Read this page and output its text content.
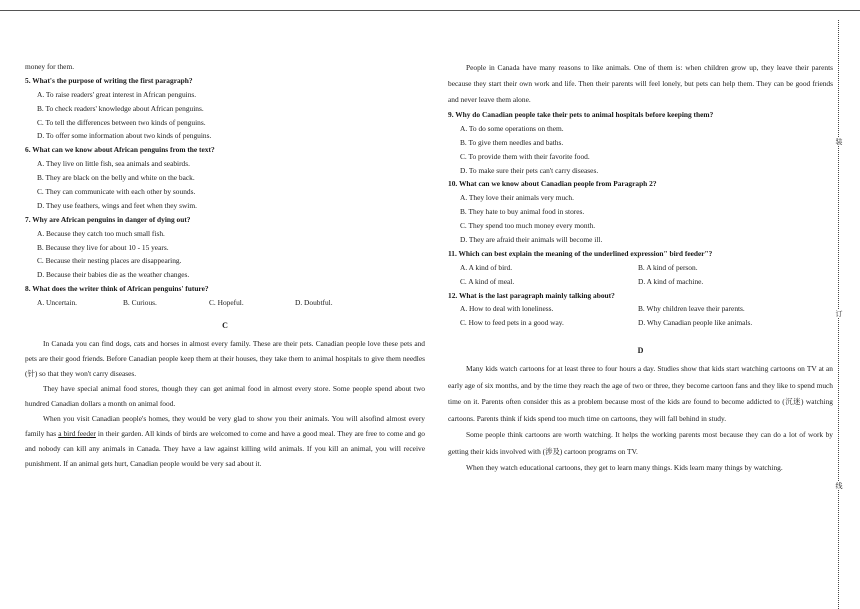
money for them.
5. What's the purpose of writing the first paragraph?
A. To raise readers' great interest in African penguins.
B. To check readers' knowledge about African penguins.
C. To tell the differences between two kinds of penguins.
D. To offer some information about two kinds of penguins.
6. What can we know about African penguins from the text?
A. They live on little fish, sea animals and seabirds.
B. They are black on the belly and white on the back.
C. They can communicate with each other by sounds.
D. They use feathers, wings and feet when they swim.
7. Why are African penguins in danger of dying out?
A. Because they catch too much small fish.
B. Because they live for about 10 - 15 years.
C. Because their nesting places are disappearing.
D. Because their babies die as the weather changes.
8. What does the writer think of African penguins' future?
A. Uncertain.	B. Curious.	C. Hopeful.	D. Doubtful.
C
In Canada you can find dogs, cats and horses in almost every family. These are their pets. Canadian people love these pets and pets are their good friends. Before Canadian people keep them at their houses, they take them to animal hospitals to give them needles (针) so that they won't carry diseases.
They have special animal food stores, though they can get animal food in almost every store. Some people spend about two hundred Canadian dollars a month on animal food.
When you visit Canadian people's homes, they would be very glad to show you their animals. You will alsofind almost every family has a bird feeder in their garden. All kinds of birds are welcomed to come and have a good meal. They are free to come and go and nobody can kill any animals in Canada. They have a law against killing wild animals. If you kill an animal, you will receive punishment. If an animal gets hurt, Canadian people would be very sad about it.
People in Canada have many reasons to like animals. One of them is: when children grow up, they leave their parents because they start their own work and life. Then their parents will feel lonely, but pets can help them. They can be good friends and never leave them alone.
9. Why do Canadian people take their pets to animal hospitals before keeping them?
A. To do some operations on them.
B. To give them needles and baths.
C. To provide them with their favorite food.
D. To make sure their pets can't carry diseases.
10. What can we know about Canadian people from Paragraph 2?
A. They love their animals very much.
B. They hate to buy animal food in stores.
C. They spend too much money every month.
D. They are afraid their animals will become ill.
11. Which can best explain the meaning of the underlined expression" bird feeder"?
A. A kind of bird.	B. A kind of person.
C. A kind of meal.	D. A kind of machine.
12. What is the last paragraph mainly talking about?
A. How to deal with loneliness.	B. Why children leave their parents.
C. How to feed pets in a good way.	D. Why Canadian people like animals.
D
Many kids watch cartoons for at least three to four hours a day. Studies show that kids start watching cartoons on TV at an early age of six months, and by the time they reach the age of two or three, they become cartoon fans and they like to spend much time on it. Parents often consider this as a problem because most of the kids are found to become addicted to (沉迷) watching cartoons. Parents think if kids spend too much time on cartoons, they will fall behind in study.
Some people think cartoons are worth watching. It helps the working parents most because they can do a lot of work by getting their kids involved with (涉及) cartoon programs on TV.
When they watch educational cartoons, they get to learn many things. Kids learn many things by watching.
装
订
线
